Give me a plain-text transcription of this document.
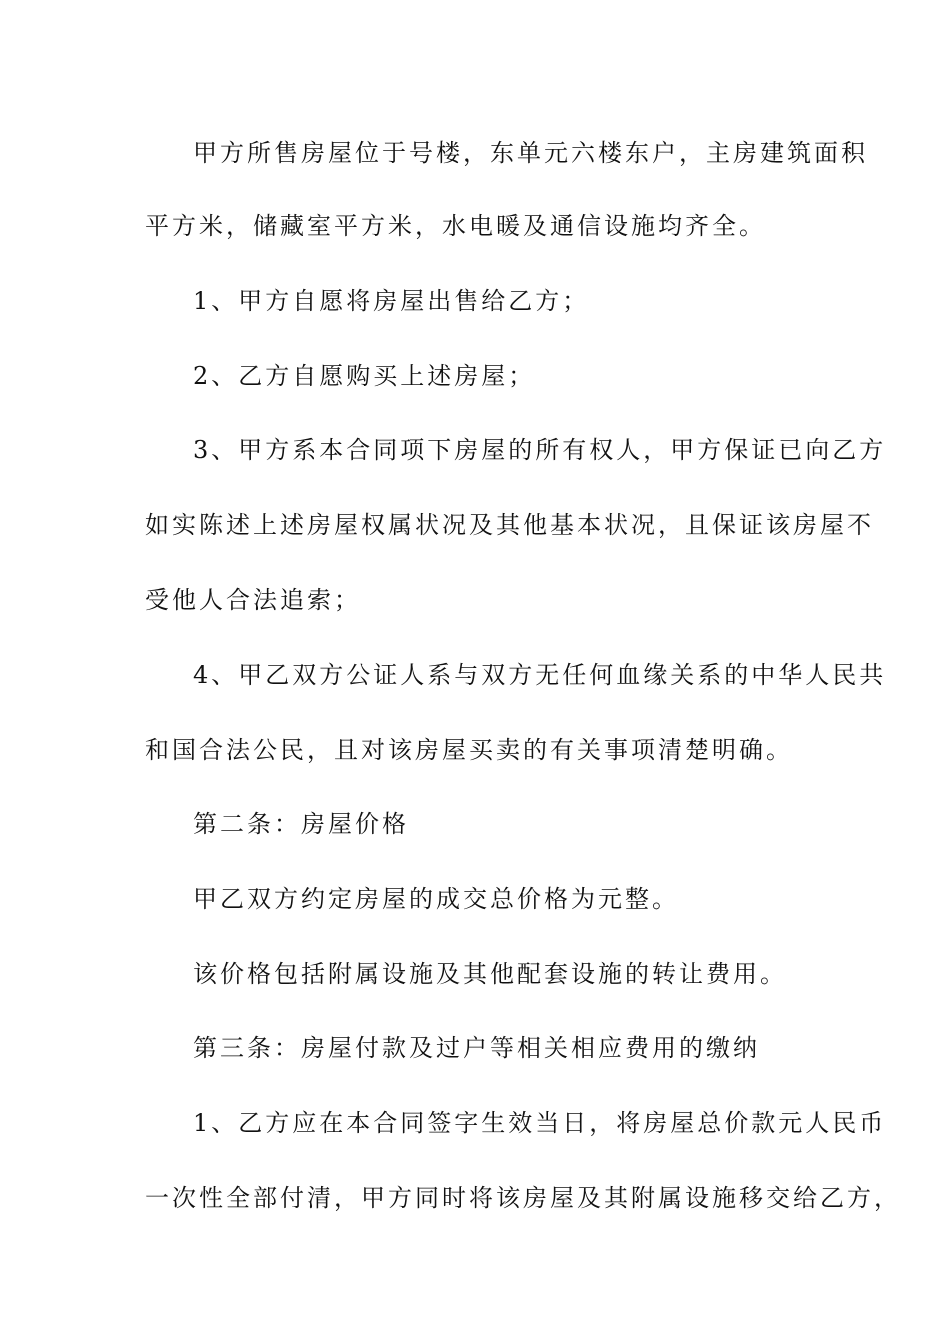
甲方所售房屋位于号楼，东单元六楼东户，主房建筑面积
平方米，储藏室平方米，水电暖及通信设施均齐全。
1、甲方自愿将房屋出售给乙方；
2、乙方自愿购买上述房屋；
3、甲方系本合同项下房屋的所有权人，甲方保证已向乙方
如实陈述上述房屋权属状况及其他基本状况，且保证该房屋不
受他人合法追索；
4、甲乙双方公证人系与双方无任何血缘关系的中华人民共
和国合法公民，且对该房屋买卖的有关事项清楚明确。
第二条：房屋价格
甲乙双方约定房屋的成交总价格为元整。
该价格包括附属设施及其他配套设施的转让费用。
第三条：房屋付款及过户等相关相应费用的缴纳
1、乙方应在本合同签字生效当日，将房屋总价款元人民币
一次性全部付清，甲方同时将该房屋及其附属设施移交给乙方，
